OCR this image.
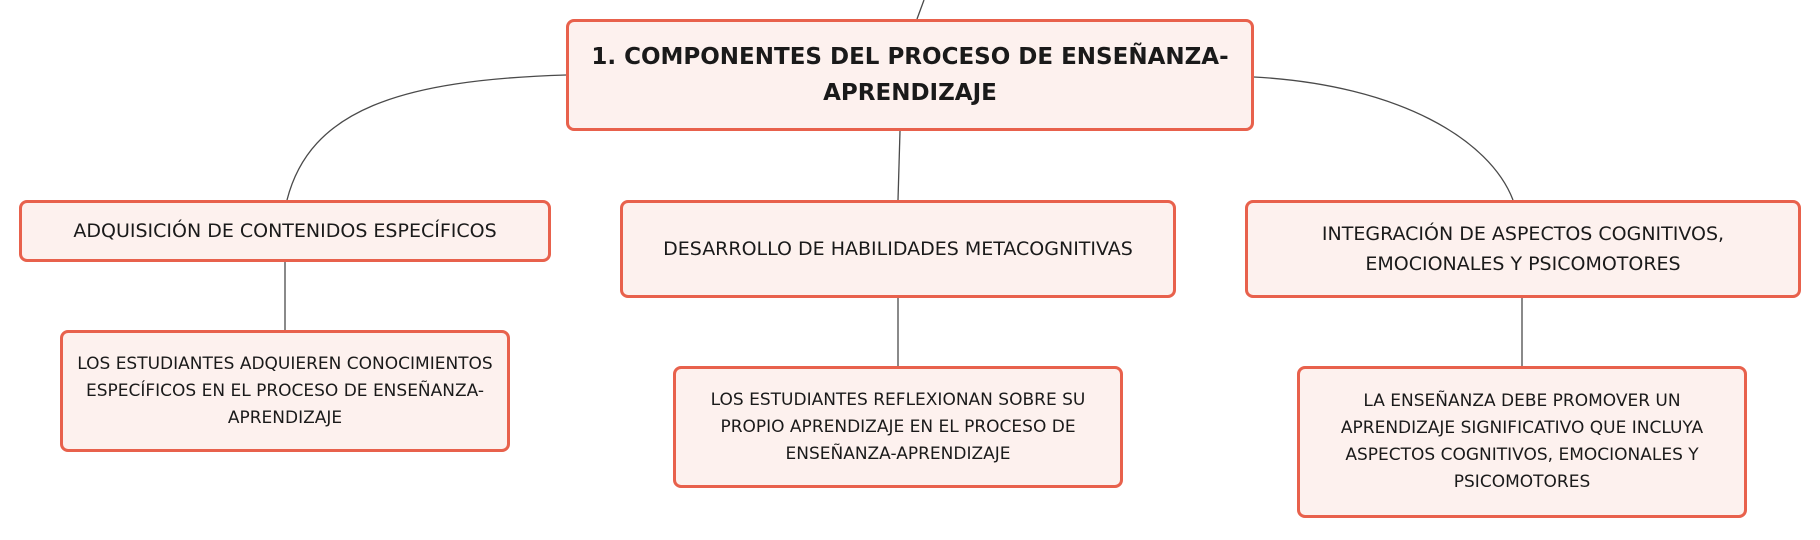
1. COMPONENTES DEL PROCESO DE ENSEÑANZA-APRENDIZAJE
ADQUISICIÓN DE CONTENIDOS ESPECÍFICOS
DESARROLLO DE HABILIDADES METACOGNITIVAS
INTEGRACIÓN DE ASPECTOS COGNITIVOS, EMOCIONALES Y PSICOMOTORES
LOS ESTUDIANTES ADQUIEREN CONOCIMIENTOS ESPECÍFICOS EN EL PROCESO DE ENSEÑANZA-APRENDIZAJE
LOS ESTUDIANTES REFLEXIONAN SOBRE SU PROPIO APRENDIZAJE EN EL PROCESO DE ENSEÑANZA-APRENDIZAJE
LA ENSEÑANZA DEBE PROMOVER UN APRENDIZAJE SIGNIFICATIVO QUE INCLUYA ASPECTOS COGNITIVOS, EMOCIONALES Y PSICOMOTORES
